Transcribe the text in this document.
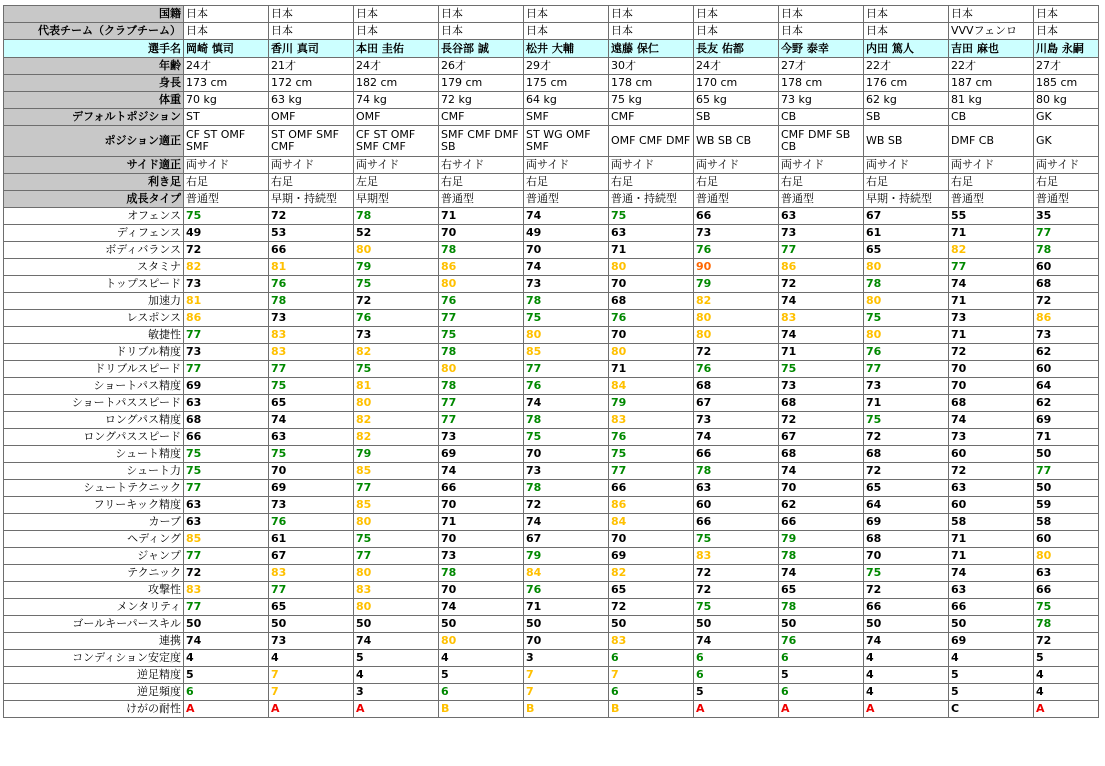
国籍	日本	日本	日本	日本	日本	日本	日本	日本	日本	日本	日本
代表チーム（クラブチーム）	日本	日本	日本	日本	日本	日本	日本	日本	日本	VVVフェンロ	日本
選手名	岡崎 慎司	香川 真司	本田 圭佑	長谷部 誠	松井 大輔	遠藤 保仁	長友 佑都	今野 泰幸	内田 篤人	吉田 麻也	川島 永嗣
年齢	24才	21才	24才	26才	29才	30才	24才	27才	22才	22才	27才
身長	173 cm	172 cm	182 cm	179 cm	175 cm	178 cm	170 cm	178 cm	176 cm	187 cm	185 cm
体重	70 kg	63 kg	74 kg	72 kg	64 kg	75 kg	65 kg	73 kg	62 kg	81 kg	80 kg
デフォルトポジション	ST	OMF	OMF	CMF	SMF	CMF	SB	CB	SB	CB	GK
ポジション適正	CF ST OMF SMF	ST OMF SMF CMF	CF ST OMF SMF CMF	SMF CMF DMF SB	ST WG OMF SMF	OMF CMF DMF	WB SB CB	CMF DMF SB CB	WB SB	DMF CB	GK
サイド適正	両サイド	両サイド	両サイド	右サイド	両サイド	両サイド	両サイド	両サイド	両サイド	両サイド	両サイド
利き足	右足	右足	左足	右足	右足	右足	右足	右足	右足	右足	右足
成長タイプ	普通型	早期・持続型	早期型	普通型	普通型	普通・持続型	普通型	普通型	早期・持続型	普通型	普通型
オフェンス	75	72	78	71	74	75	66	63	67	55	35
ディフェンス	49	53	52	70	49	63	73	73	61	71	77
ボディバランス	72	66	80	78	70	71	76	77	65	82	78
スタミナ	82	81	79	86	74	80	90	86	80	77	60
トップスピード	73	76	75	80	73	70	79	72	78	74	68
加速力	81	78	72	76	78	68	82	74	80	71	72
レスポンス	86	73	76	77	75	76	80	83	75	73	86
敏捷性	77	83	73	75	80	70	80	74	80	71	73
ドリブル精度	73	83	82	78	85	80	72	71	76	72	62
ドリブルスピード	77	77	75	80	77	71	76	75	77	70	60
ショートパス精度	69	75	81	78	76	84	68	73	73	70	64
ショートパススピード	63	65	80	77	74	79	67	68	71	68	62
ロングパス精度	68	74	82	77	78	83	73	72	75	74	69
ロングパススピード	66	63	82	73	75	76	74	67	72	73	71
シュート精度	75	75	79	69	70	75	66	68	68	60	50
シュート力	75	70	85	74	73	77	78	74	72	72	77
シュートテクニック	77	69	77	66	78	66	63	70	65	63	50
フリーキック精度	63	73	85	70	72	86	60	62	64	60	59
カーブ	63	76	80	71	74	84	66	66	69	58	58
ヘディング	85	61	75	70	67	70	75	79	68	71	60
ジャンプ	77	67	77	73	79	69	83	78	70	71	80
テクニック	72	83	80	78	84	82	72	74	75	74	63
攻撃性	83	77	83	70	76	65	72	65	72	63	66
メンタリティ	77	65	80	74	71	72	75	78	66	66	75
ゴールキーパースキル	50	50	50	50	50	50	50	50	50	50	78
連携	74	73	74	80	70	83	74	76	74	69	72
コンディション安定度	4	4	5	4	3	6	6	6	4	4	5
逆足精度	5	7	4	5	7	7	6	5	4	5	4
逆足頻度	6	7	3	6	7	6	5	6	4	5	4
けがの耐性	A	A	A	B	B	B	A	A	A	C	A
